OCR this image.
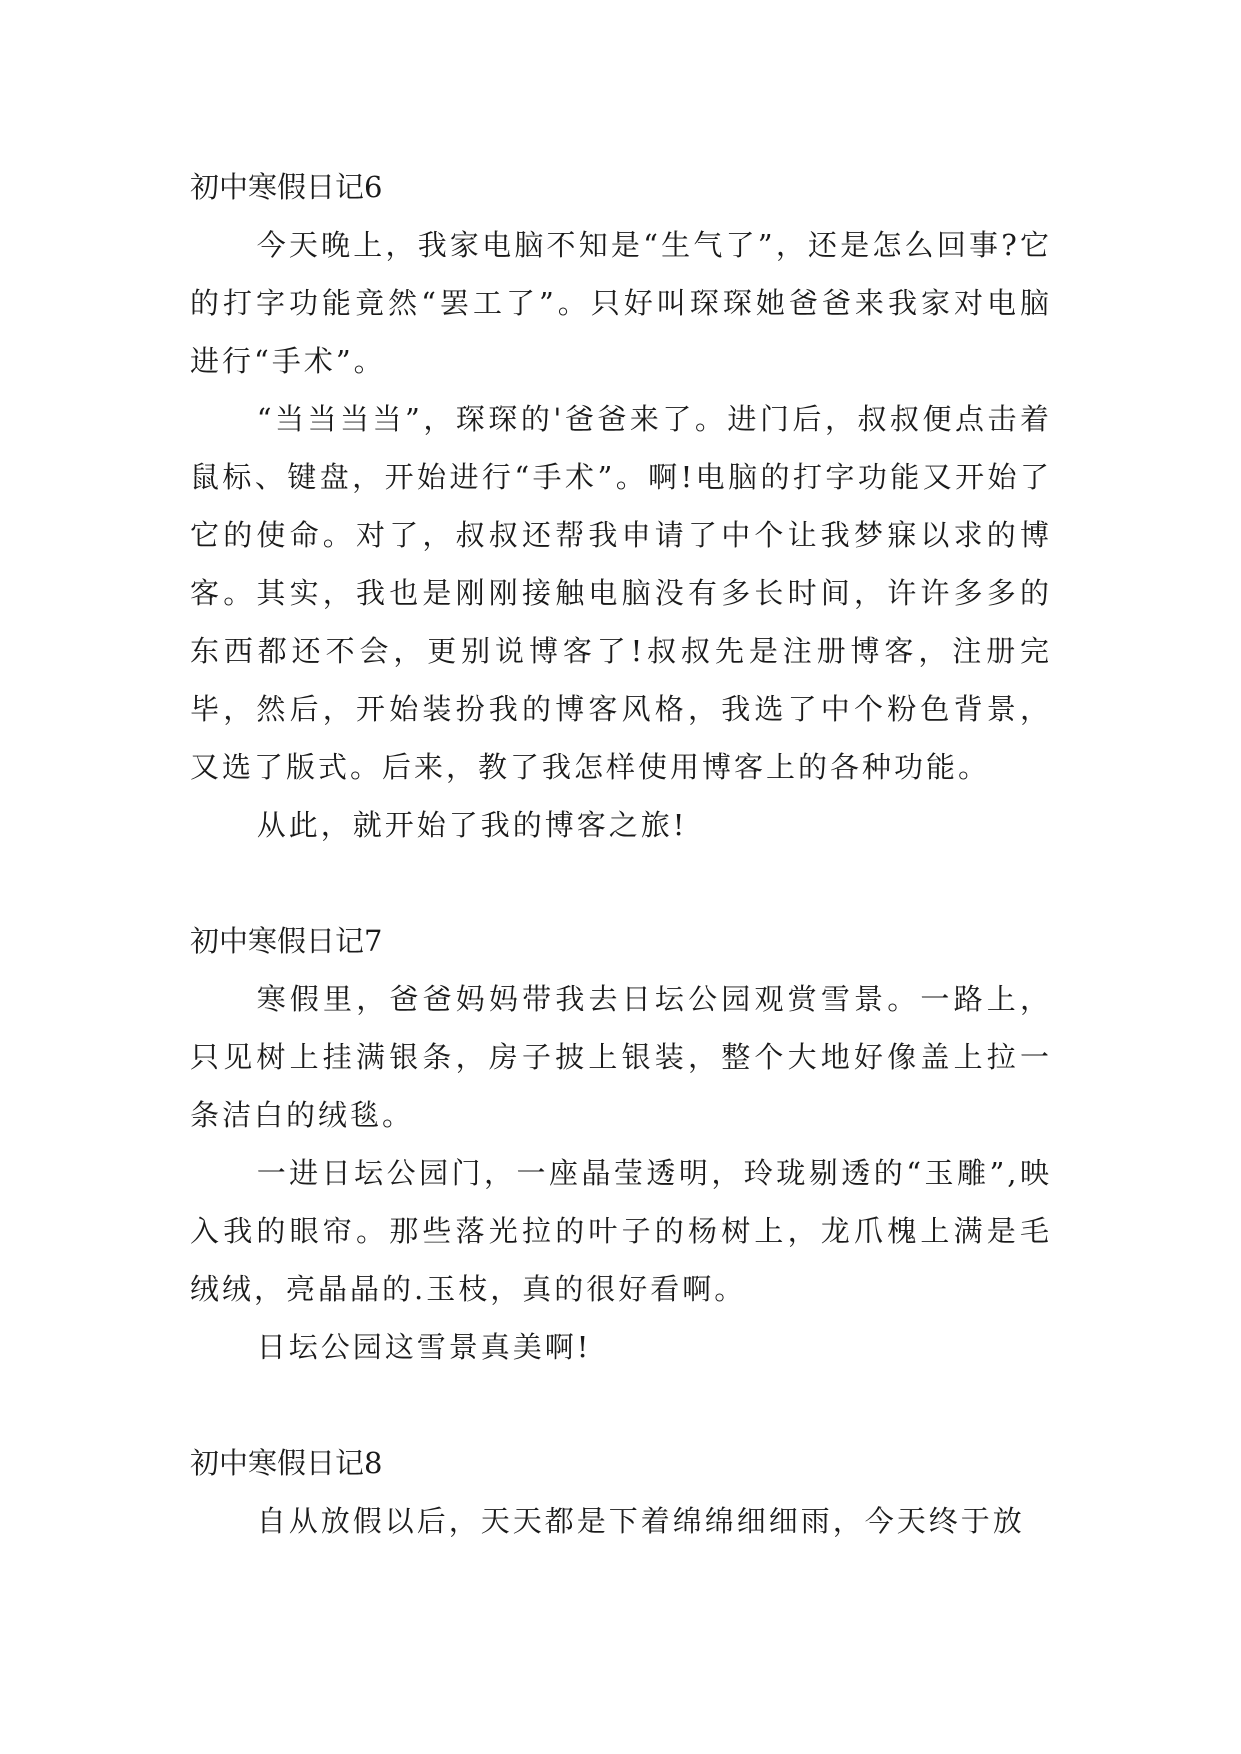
初中寒假日记6

今天晚上，我家电脑不知是“生气了”，还是怎么回事?它的打字功能竟然“罢工了”。只好叫琛琛她爸爸来我家对电脑进行“手术”。

“当当当当”，琛琛的'爸爸来了。进门后，叔叔便点击着鼠标、键盘，开始进行“手术”。啊!电脑的打字功能又开始了它的使命。对了，叔叔还帮我申请了中个让我梦寐以求的博客。其实，我也是刚刚接触电脑没有多长时间，许许多多的东西都还不会，更别说博客了!叔叔先是注册博客，注册完毕，然后，开始装扮我的博客风格，我选了中个粉色背景，又选了版式。后来，教了我怎样使用博客上的各种功能。

从此，就开始了我的博客之旅!

初中寒假日记7

寒假里，爸爸妈妈带我去日坛公园观赏雪景。一路上，只见树上挂满银条，房子披上银装，整个大地好像盖上拉一条洁白的绒毯。

一进日坛公园门，一座晶莹透明，玲珑剔透的“玉雕”,映入我的眼帘。那些落光拉的叶子的杨树上，龙爪槐上满是毛绒绒，亮晶晶的.玉枝，真的很好看啊。

日坛公园这雪景真美啊!

初中寒假日记8

自从放假以后，天天都是下着绵绵细细雨，今天终于放
